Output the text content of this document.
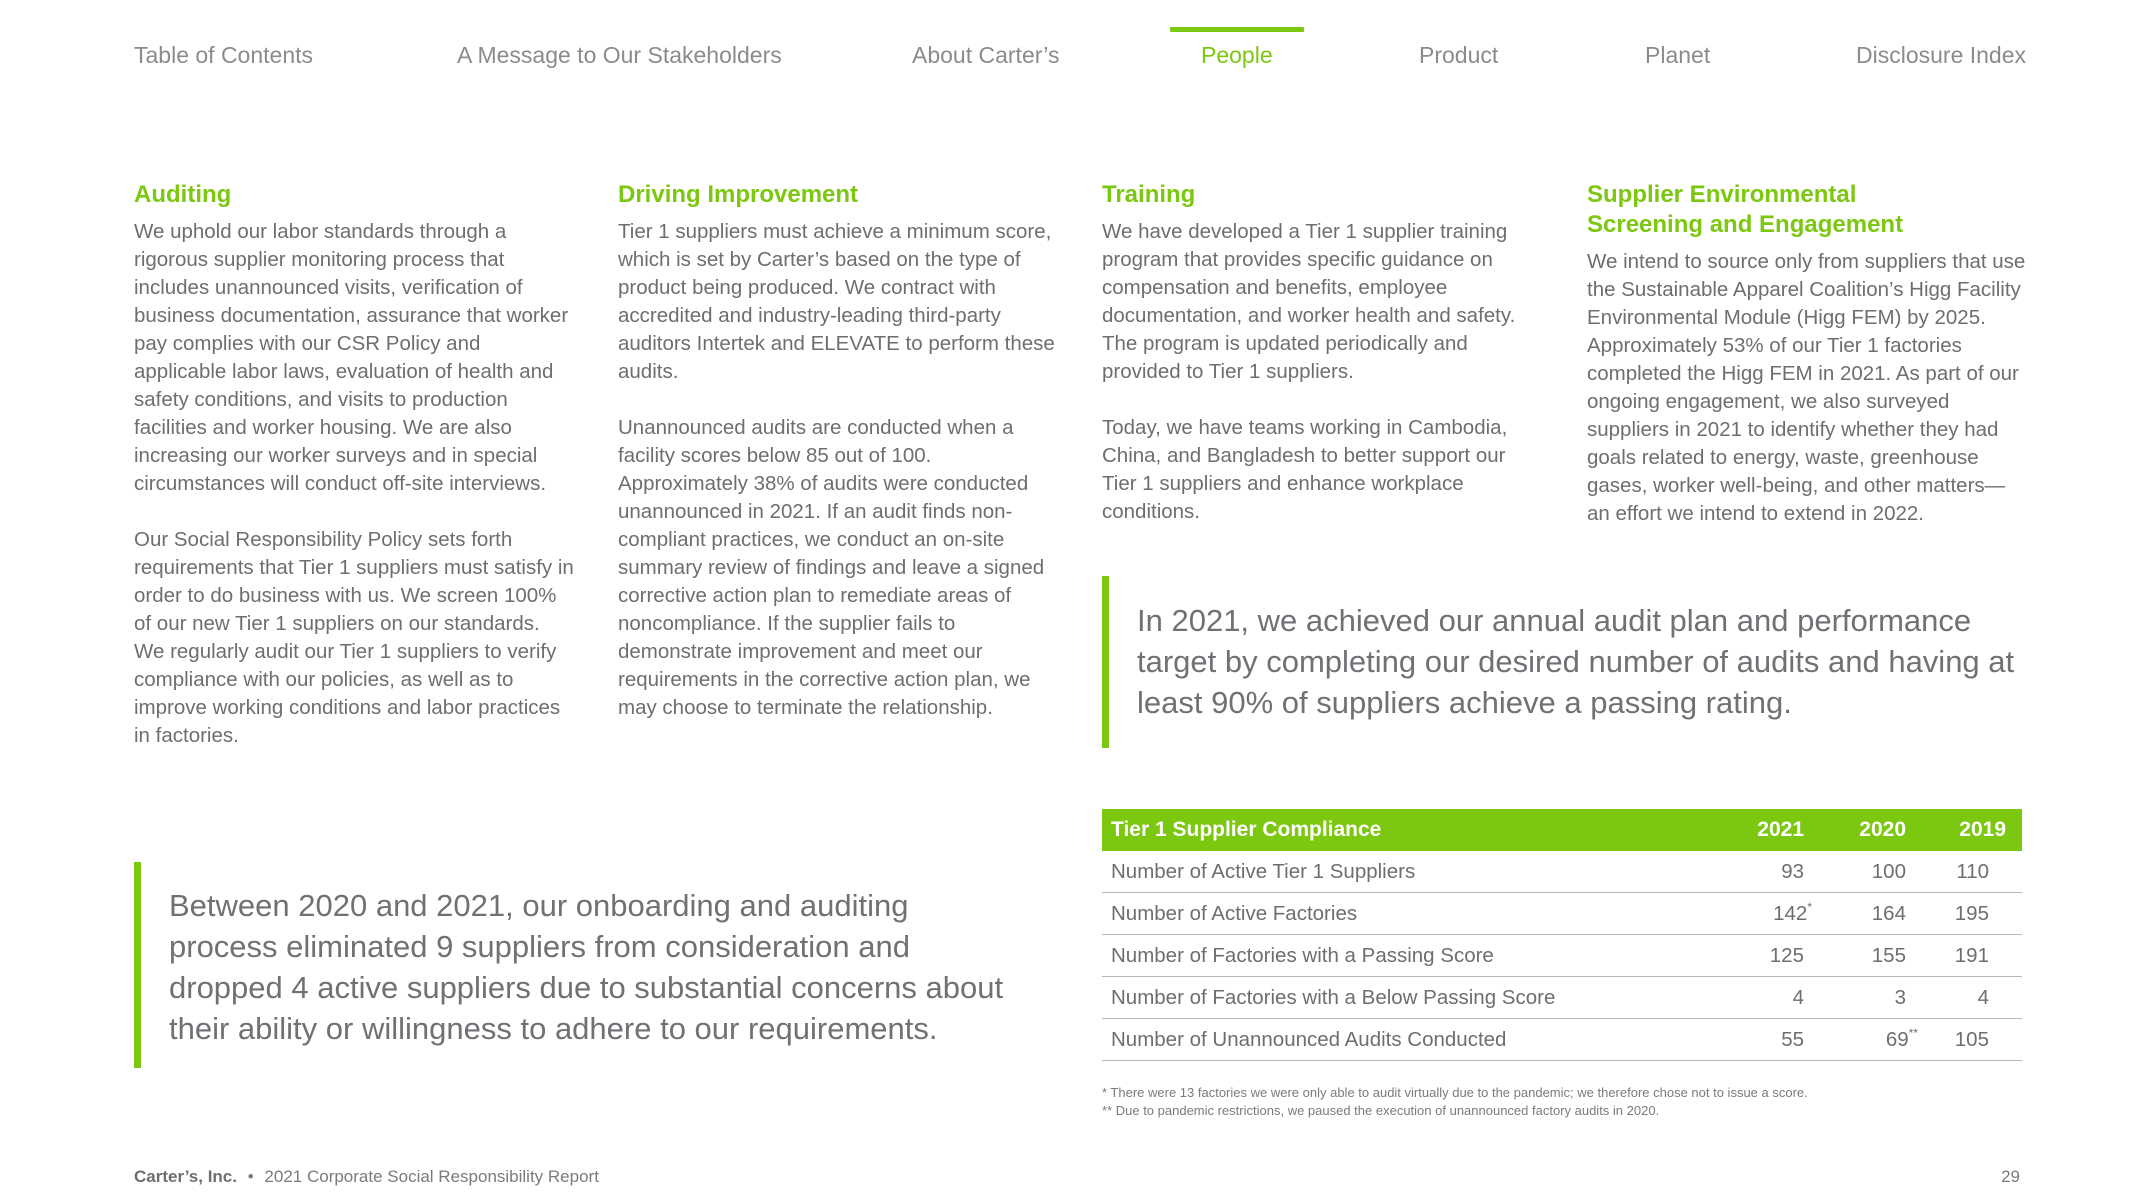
Table of Contents	A Message to Our Stakeholders	About Carter’s	People	Product	Planet	Disclosure Index
Auditing

We uphold our labor standards through a rigorous supplier monitoring process that includes unannounced visits, verification of business documentation, assurance that worker pay complies with our CSR Policy and applicable labor laws, evaluation of health and safety conditions, and visits to production facilities and worker housing. We are also increasing our worker surveys and in special circumstances will conduct off-site interviews.

Our Social Responsibility Policy sets forth requirements that Tier 1 suppliers must satisfy in order to do business with us. We screen 100% of our new Tier 1 suppliers on our standards. We regularly audit our Tier 1 suppliers to verify compliance with our policies, as well as to improve working conditions and labor practices in factories.

Driving Improvement

Tier 1 suppliers must achieve a minimum score, which is set by Carter’s based on the type of product being produced. We contract with accredited and industry-leading third-party auditors Intertek and ELEVATE to perform these audits.

Unannounced audits are conducted when a facility scores below 85 out of 100. Approximately 38% of audits were conducted unannounced in 2021. If an audit finds non-compliant practices, we conduct an on-site summary review of findings and leave a signed corrective action plan to remediate areas of noncompliance. If the supplier fails to demonstrate improvement and meet our requirements in the corrective action plan, we may choose to terminate the relationship.

Training

We have developed a Tier 1 supplier training program that provides specific guidance on compensation and benefits, employee documentation, and worker health and safety. The program is updated periodically and provided to Tier 1 suppliers.

Today, we have teams working in Cambodia, China, and Bangladesh to better support our Tier 1 suppliers and enhance workplace conditions.

Supplier Environmental Screening and Engagement

We intend to source only from suppliers that use the Sustainable Apparel Coalition’s Higg Facility Environmental Module (Higg FEM) by 2025. Approximately 53% of our Tier 1 factories completed the Higg FEM in 2021. As part of our ongoing engagement, we also surveyed suppliers in 2021 to identify whether they had goals related to energy, waste, greenhouse gases, worker well-being, and other matters—an effort we intend to extend in 2022.

In 2021, we achieved our annual audit plan and performance target by completing our desired number of audits and having at least 90% of suppliers achieve a passing rating.
Between 2020 and 2021, our onboarding and auditing process eliminated 9 suppliers from consideration and dropped 4 active suppliers due to substantial concerns about their ability or willingness to adhere to our requirements.
Tier 1 Supplier Compliance	2021	2020	2019
Number of Active Tier 1 Suppliers	93	100	110
Number of Active Factories	142*	164	195
Number of Factories with a Passing Score	125	155	191
Number of Factories with a Below Passing Score	4	3	4
Number of Unannounced Audits Conducted	55	69**	105
* There were 13 factories we were only able to audit virtually due to the pandemic; we therefore chose not to issue a score.
** Due to pandemic restrictions, we paused the execution of unannounced factory audits in 2020.
Carter’s, Inc. • 2021 Corporate Social Responsibility Report	29
